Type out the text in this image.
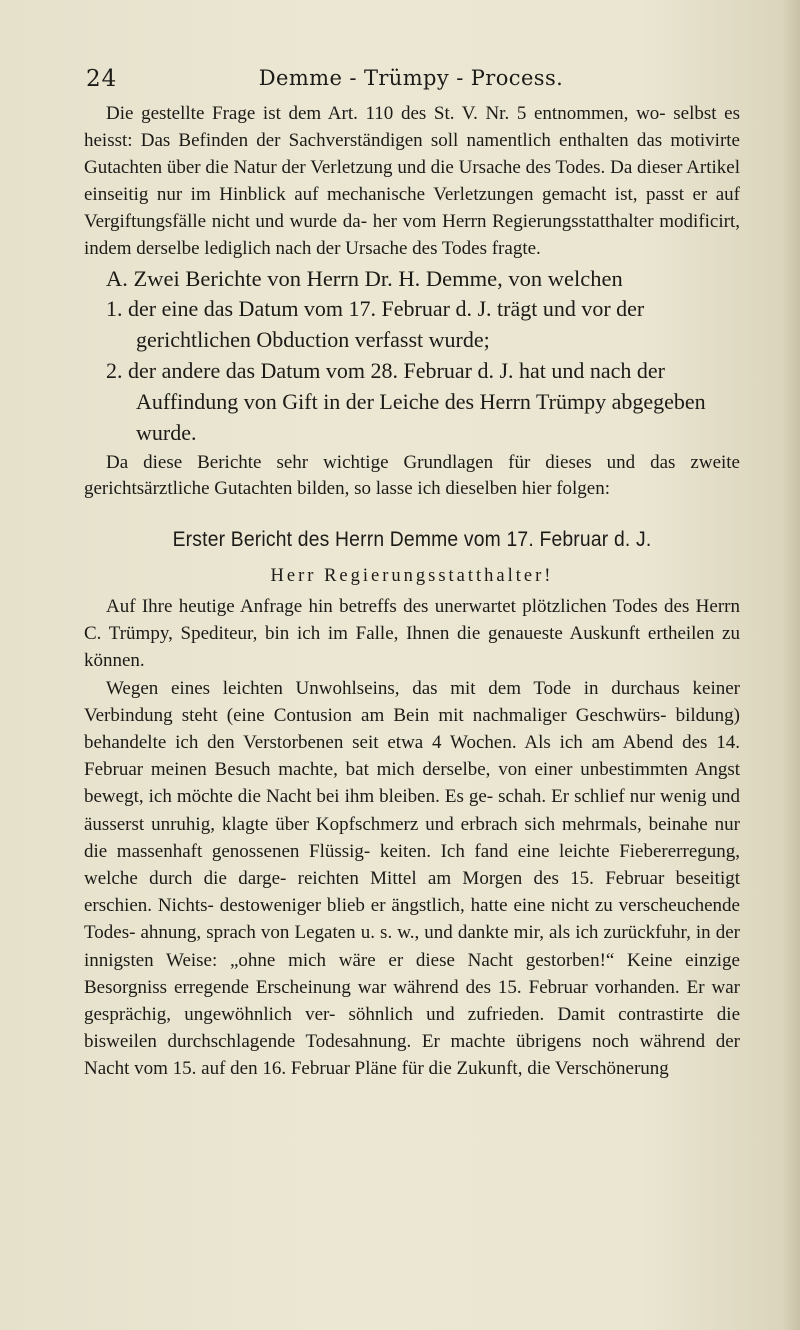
24	Demme - Trümpy - Process.

Die gestellte Frage ist dem Art. 110 des St. V. Nr. 5 entnommen, wo- selbst es heisst: Das Befinden der Sachverständigen soll namentlich enthalten das motivirte Gutachten über die Natur der Verletzung und die Ursache des Todes. Da dieser Artikel einseitig nur im Hinblick auf mechanische Verletzungen gemacht ist, passt er auf Vergiftungsfälle nicht und wurde da- her vom Herrn Regierungsstatthalter modificirt, indem derselbe lediglich nach der Ursache des Todes fragte.

A. Zwei Berichte von Herrn Dr. H. Demme, von welchen

1. der eine das Datum vom 17. Februar d. J. trägt und vor der gerichtlichen Obduction verfasst wurde;

2. der andere das Datum vom 28. Februar d. J. hat und nach der Auffindung von Gift in der Leiche des Herrn Trümpy abgegeben wurde.

Da diese Berichte sehr wichtige Grundlagen für dieses und das zweite gerichtsärztliche Gutachten bilden, so lasse ich dieselben hier folgen:

Erster Bericht des Herrn Demme vom 17. Februar d. J.
Herr Regierungsstatthalter!

Auf Ihre heutige Anfrage hin betreffs des unerwartet plötzlichen Todes des Herrn C. Trümpy, Spediteur, bin ich im Falle, Ihnen die genaueste Auskunft ertheilen zu können.

Wegen eines leichten Unwohlseins, das mit dem Tode in durchaus keiner Verbindung steht (eine Contusion am Bein mit nachmaliger Geschwürs- bildung) behandelte ich den Verstorbenen seit etwa 4 Wochen. Als ich am Abend des 14. Februar meinen Besuch machte, bat mich derselbe, von einer unbestimmten Angst bewegt, ich möchte die Nacht bei ihm bleiben. Es ge- schah. Er schlief nur wenig und äusserst unruhig, klagte über Kopfschmerz und erbrach sich mehrmals, beinahe nur die massenhaft genossenen Flüssig- keiten. Ich fand eine leichte Fiebererregung, welche durch die darge- reichten Mittel am Morgen des 15. Februar beseitigt erschien. Nichts- destoweniger blieb er ängstlich, hatte eine nicht zu verscheuchende Todes- ahnung, sprach von Legaten u. s. w., und dankte mir, als ich zurückfuhr, in der innigsten Weise: „ohne mich wäre er diese Nacht gestorben!“ Keine einzige Besorgniss erregende Erscheinung war während des 15. Februar vorhanden. Er war gesprächig, ungewöhnlich ver- söhnlich und zufrieden. Damit contrastirte die bisweilen durchschlagende Todesahnung. Er machte übrigens noch während der Nacht vom 15. auf den 16. Februar Pläne für die Zukunft, die Verschönerung
